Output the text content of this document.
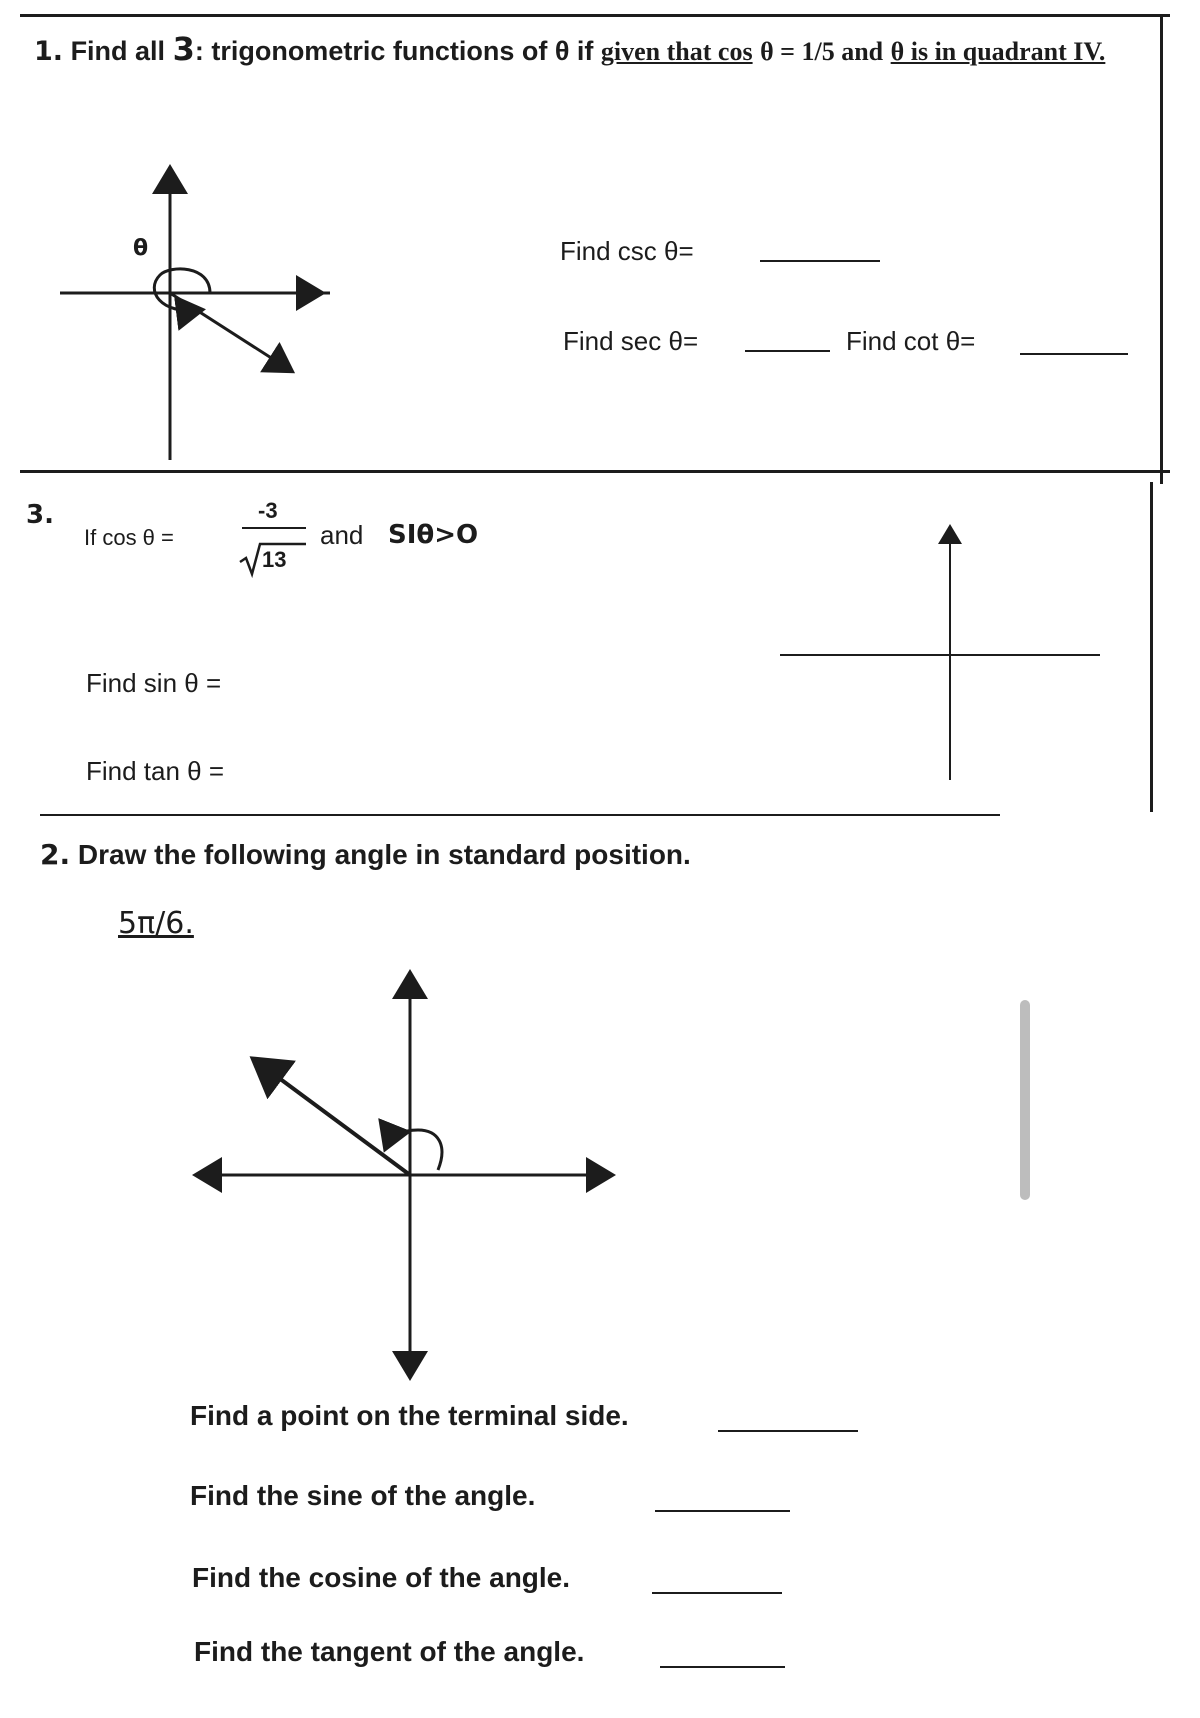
1. Find all 3: trigonometric functions of θ if given that cos θ = 1/5 and θ is in quadrant IV.
θ	Find csc θ=
Find sec θ=	Find cot θ=
3.
If cos θ =
-3
13
and SIθ>O
Find sin θ =
Find tan θ =
2. Draw the following angle in standard position.
5π/6.
Find a point on the terminal side.
Find the sine of the angle.
Find the cosine of the angle.
Find the tangent of the angle.
